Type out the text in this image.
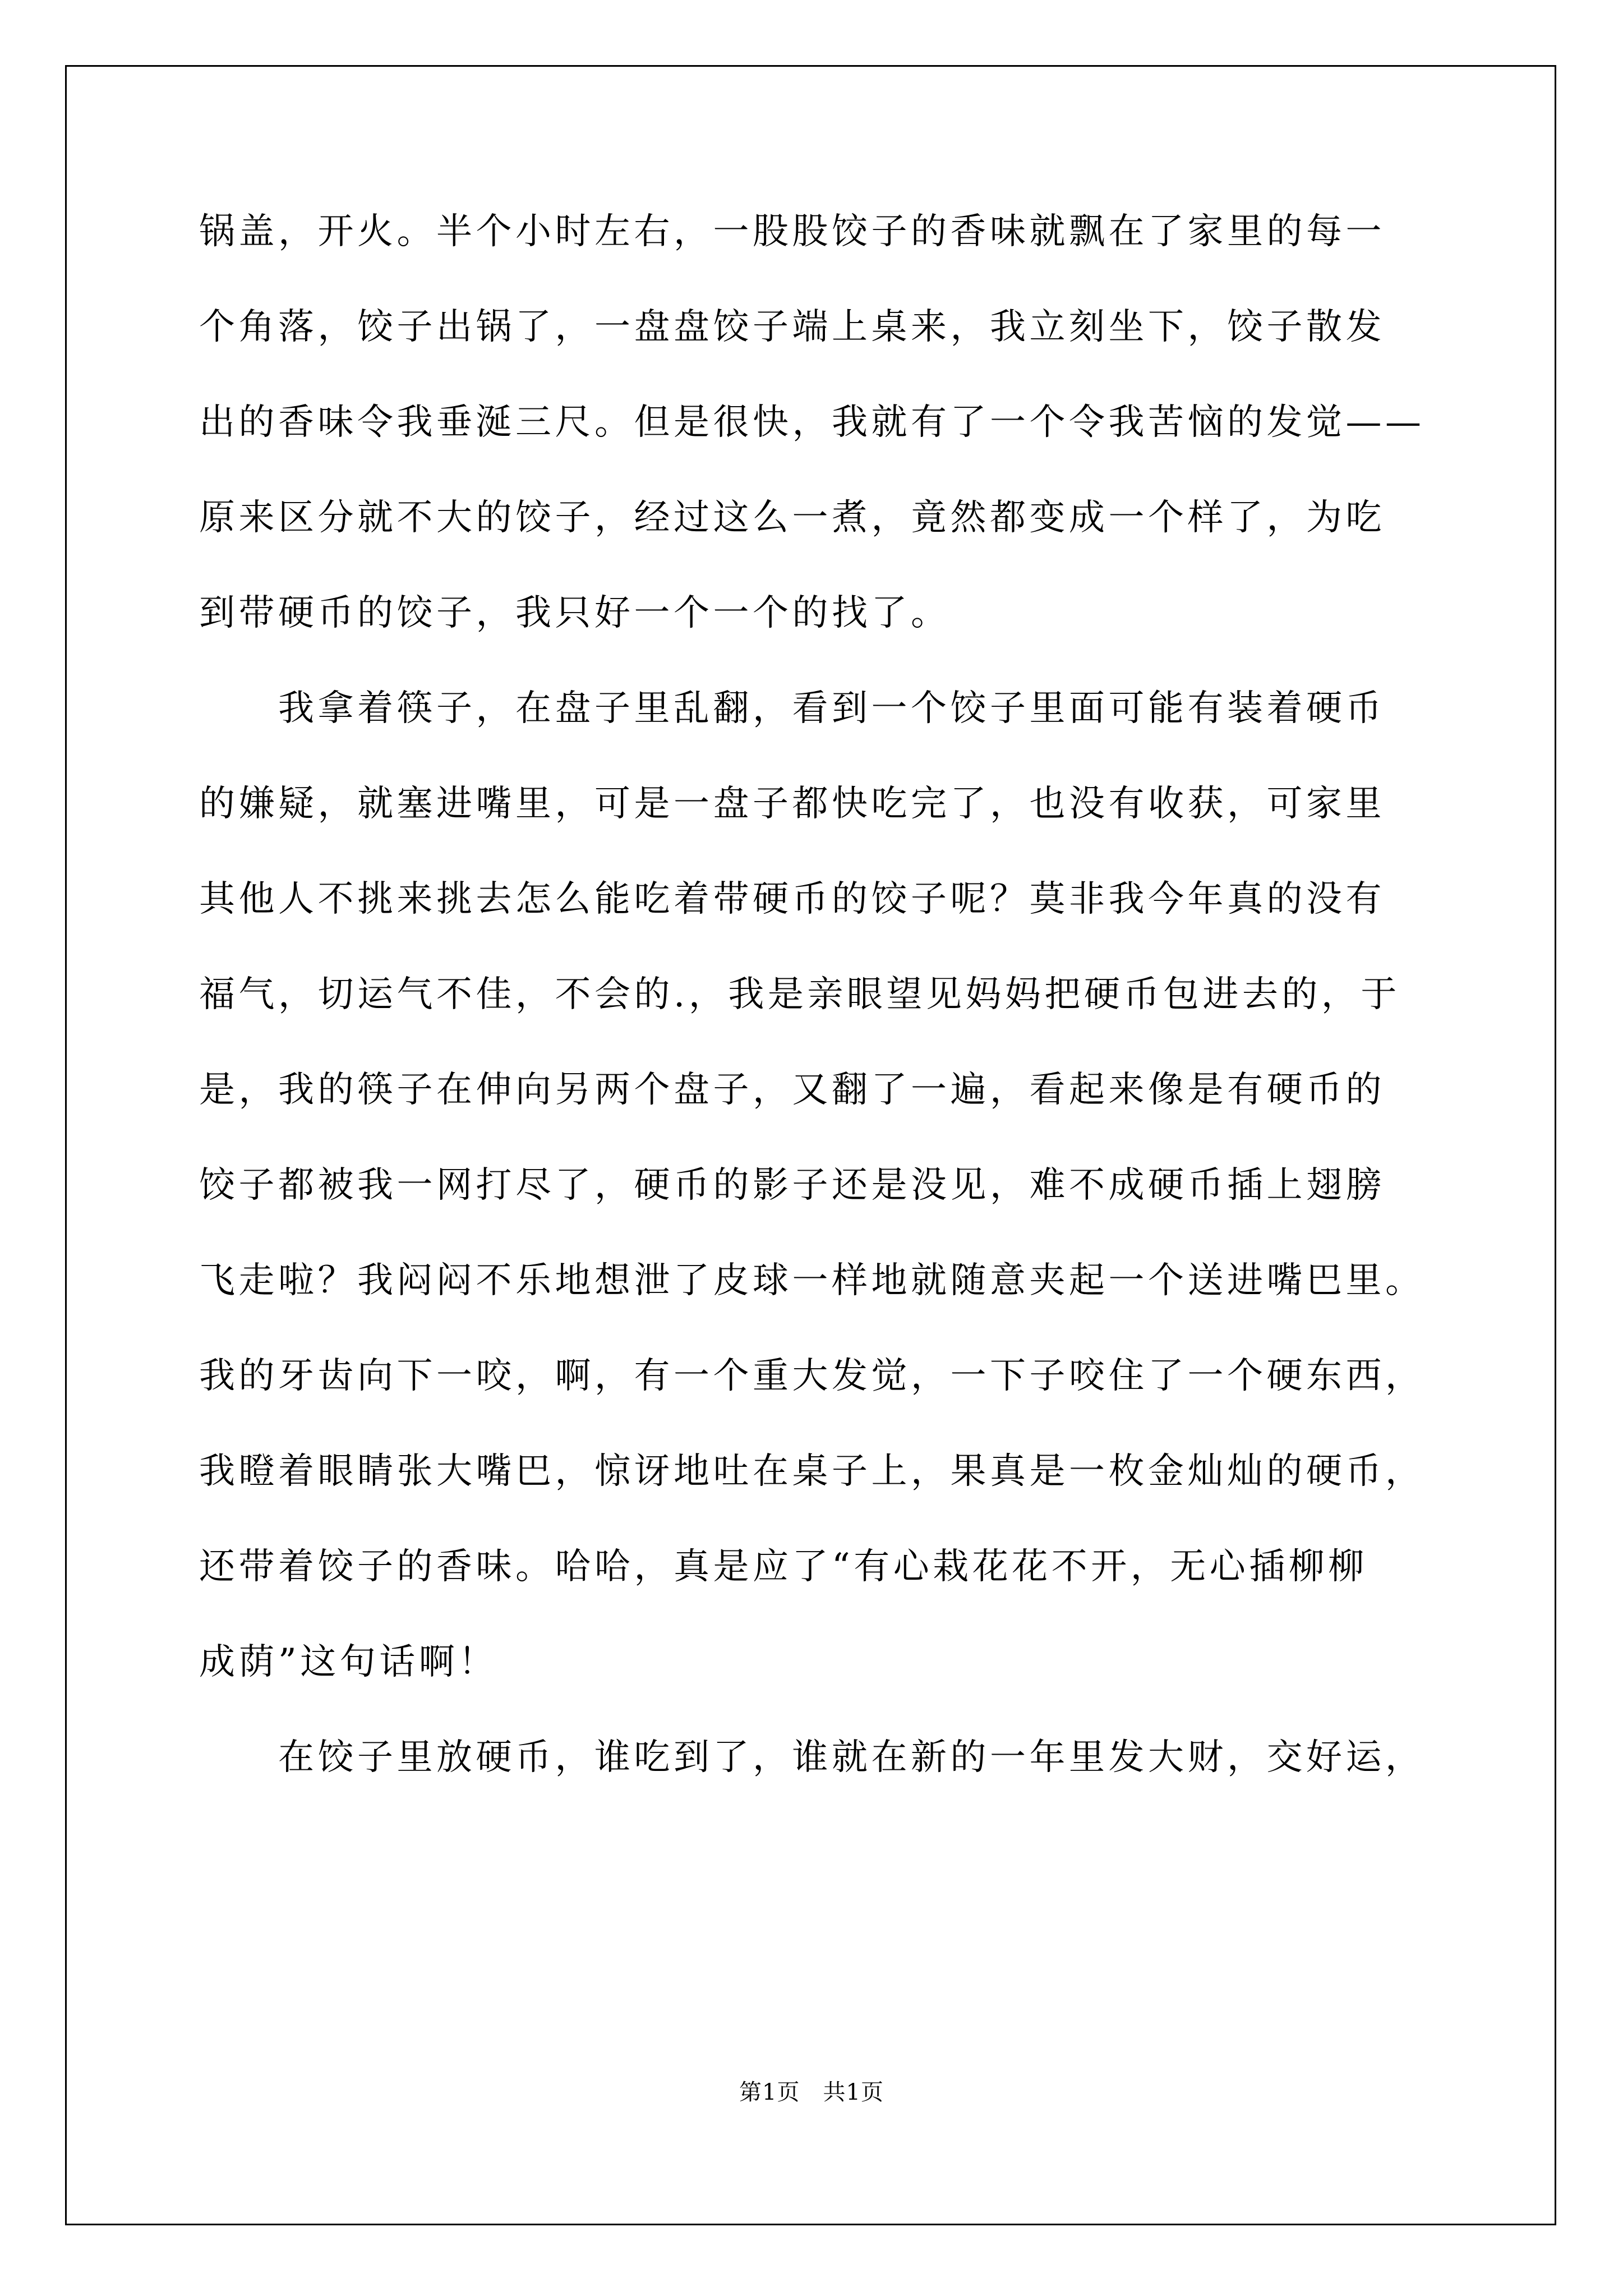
锅盖，开火。半个小时左右，一股股饺子的香味就飘在了家里的每一
个角落，饺子出锅了，一盘盘饺子端上桌来，我立刻坐下，饺子散发
出的香味令我垂涎三尺。但是很快，我就有了一个令我苦恼的发觉——
原来区分就不大的饺子，经过这么一煮，竟然都变成一个样了，为吃
到带硬币的饺子，我只好一个一个的找了。
　　我拿着筷子，在盘子里乱翻，看到一个饺子里面可能有装着硬币
的嫌疑，就塞进嘴里，可是一盘子都快吃完了，也没有收获，可家里
其他人不挑来挑去怎么能吃着带硬币的饺子呢？莫非我今年真的没有
福气，切运气不佳，不会的.，我是亲眼望见妈妈把硬币包进去的，于
是，我的筷子在伸向另两个盘子，又翻了一遍，看起来像是有硬币的
饺子都被我一网打尽了，硬币的影子还是没见，难不成硬币插上翅膀
飞走啦？我闷闷不乐地想泄了皮球一样地就随意夹起一个送进嘴巴里。
我的牙齿向下一咬，啊，有一个重大发觉，一下子咬住了一个硬东西，
我瞪着眼睛张大嘴巴，惊讶地吐在桌子上，果真是一枚金灿灿的硬币，
还带着饺子的香味。哈哈，真是应了“有心栽花花不开，无心插柳柳
成荫”这句话啊！
　　在饺子里放硬币，谁吃到了，谁就在新的一年里发大财，交好运，
第1页　共1页
